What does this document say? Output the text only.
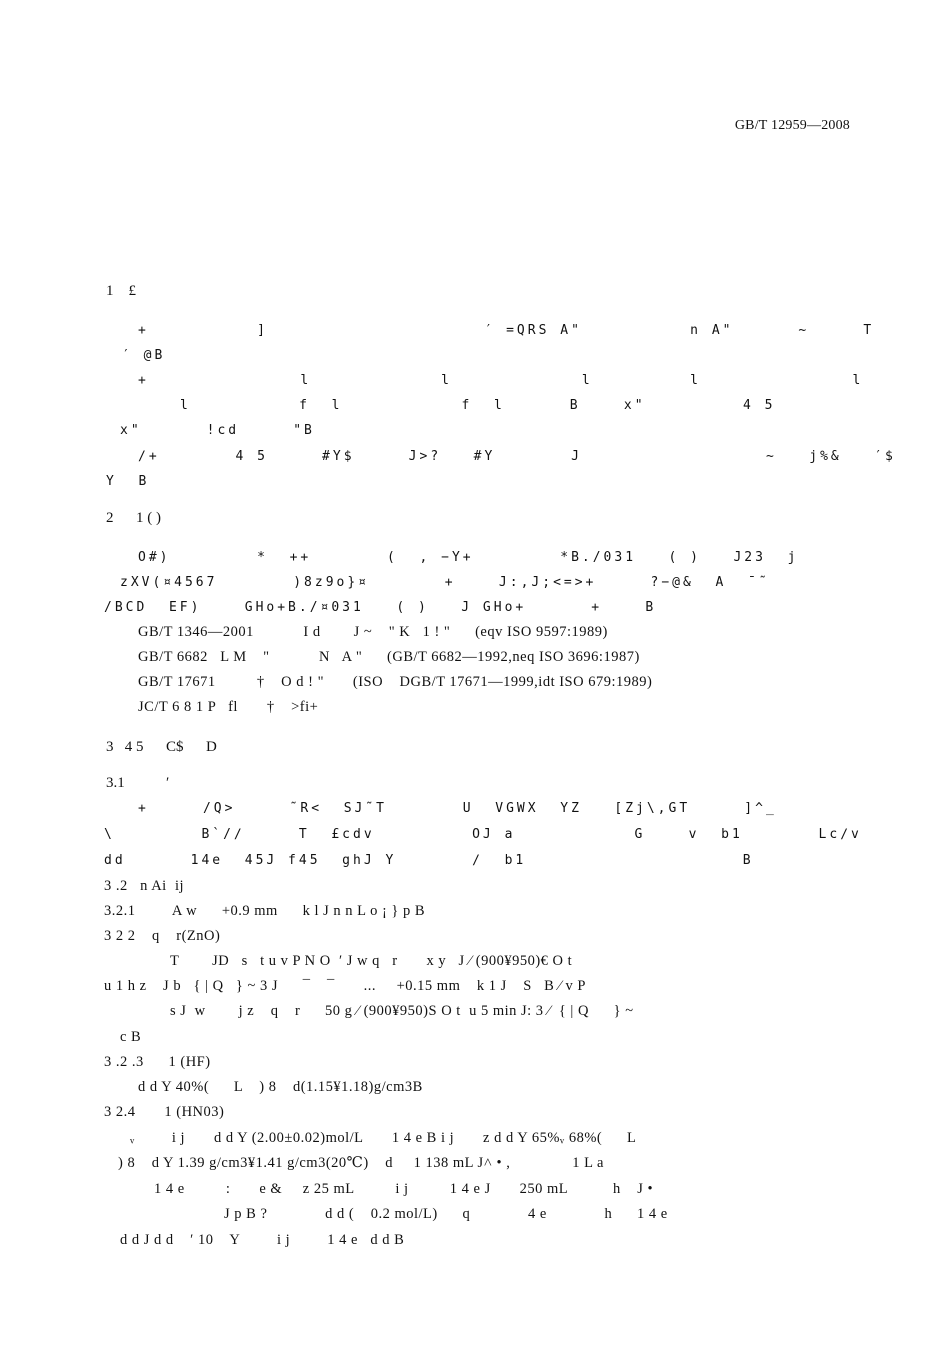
GB/T 12959—2008
1    £
+          ]                    ′ =QRS A"          n A"      ~     T
′ @B
+              l            l            l         l              l
l          f  l           f  l      B    x"         4 5
x"      !cd     "B
∕+       4 5     #Y$     J>?   #Y       J                 ~   j%&   ′$
Y  B
2      1 ( )
O#)        *  ++       (  , −Y+        *B./031   ( )   J23  j
zXV(¤4567       )8z9o}¤       +    J:,J;<=>+     ?−@&  A  ¯˜
/BCD  EF)    GHo+B./¤031   ( )   J GHo+      +    B
GB/T 1346—2001            I d        J ~    " K   1 ! "      (eqv ISO 9597:1989)
GB/T 6682   L M    "            N   A "      (GB/T 6682—1992,neq ISO 3696:1987)
GB/T 17671          †    O d ! "       (ISO    DGB/T 17671—1999,idt ISO 679:1989)
JC/T 6 8 1 P   fl       †    >fi+
3   4 5      C$      D
3.1           ′
+     /Q>     ˜R<  SJ˜T       U  VGWX  YZ   [Zj\,GT     ]^_
\        B`/∕     T  £cdv         OJ a           G    v  b1       Lc∕v
dd      14e  45J f45  ghJ Y       ∕  b1                    B
3 .2   n Ai  ij
3.2.1         A w      +0.9 mm      k l J n n L o ¡ } p B
3 2 2    q    r(ZnO)
T        JD   s   t u v P N O  ′ J w q   r       x y   J ∕ (900¥950)€ O t
u 1 h z    J b   { | Q   } ~ 3 J      ¯    ¯       ...     +0.15 mm    k 1 J    S   B ∕ v P
s J  w        j z    q    r      50 g ∕ (900¥950)S O t  u 5 min J: 3 ∕  { | Q      } ~
c B
3 .2 .3      1 (HF)
d d Y 40%(      L    ) 8    d(1.15¥1.18)g/cm3B
3 2.4       1 (HN03)
ᵥ         i j       d d Y (2.00±0.02)mol/L       1 4 e B i j       z d d Y 65%ᵥ 68%(      L
) 8    d Y 1.39 g/cm3¥1.41 g/cm3(20℃)    d     1 138 mL J˄ • ,               1 L a
1 4 e          :       e &     z 25 mL          i j          1 4 e J       250 mL           h    J •
J p B ?              d d (    0.2 mol/L)      q              4 e              h      1 4 e
d d J d d    ′ 10    Y         i j         1 4 e   d d B
